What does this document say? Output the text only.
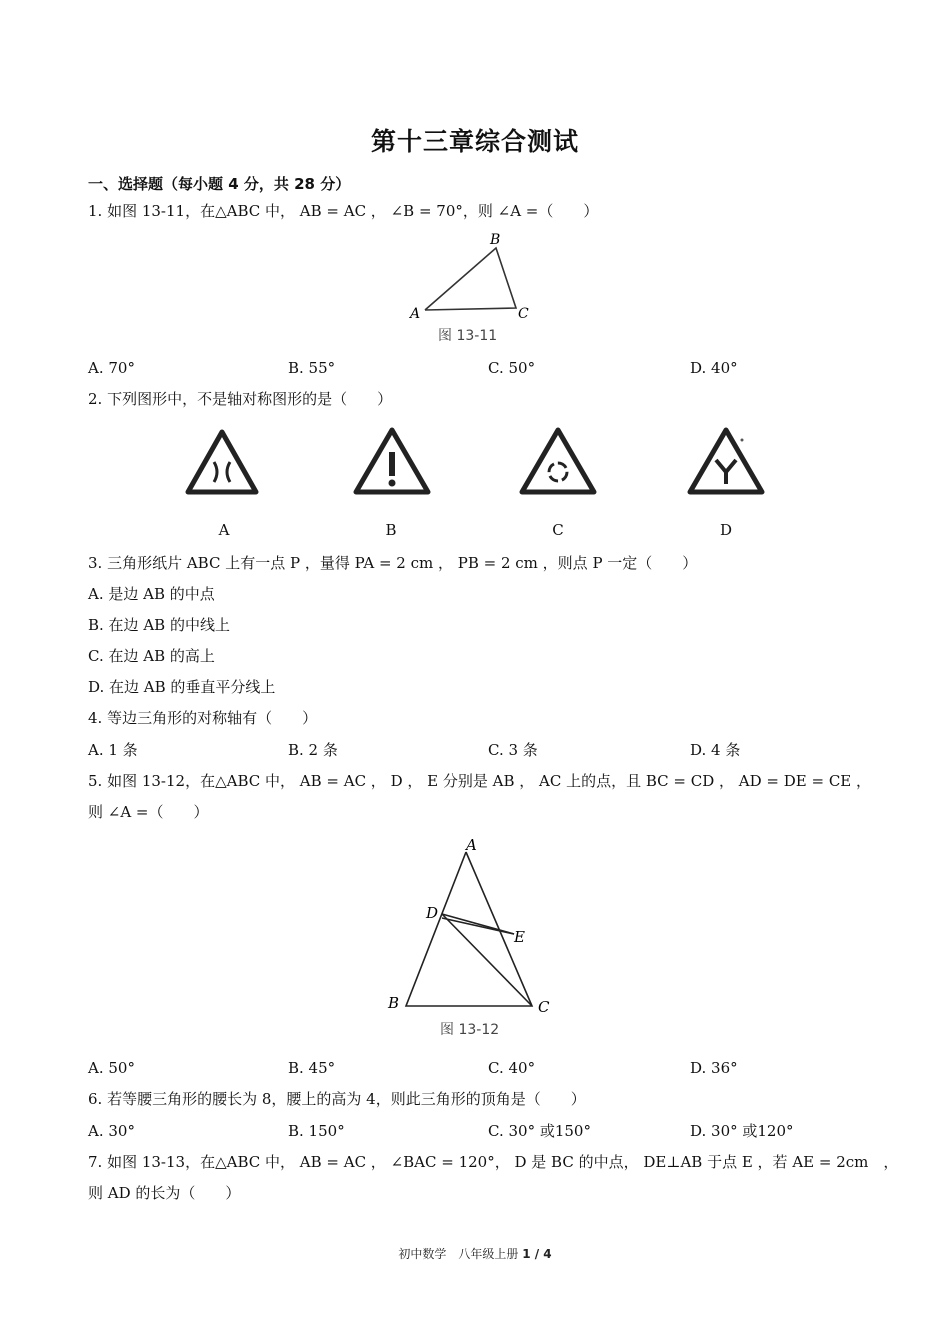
第十三章综合测试
一、选择题（每小题 4 分，共 28 分）
1. 如图 13-11，在△ABC 中， AB = AC ， ∠B = 70°，则 ∠A =（　　）
A
B
C
图 13-11
A. 70°	B. 55°	C. 50°	D. 40°
2. 下列图形中，不是轴对称图形的是（　　）
A	B	C	D
3. 三角形纸片 ABC 上有一点 P ，量得 PA = 2 cm ， PB = 2 cm ，则点 P 一定（　　）
A. 是边 AB 的中点
B. 在边 AB 的中线上
C. 在边 AB 的高上
D. 在边 AB 的垂直平分线上
4. 等边三角形的对称轴有（　　）
A. 1 条	B. 2 条	C. 3 条	D. 4 条
5. 如图 13-12，在△ABC 中， AB = AC ， D ， E 分别是 AB ， AC 上的点，且 BC = CD ， AD = DE = CE ，
则 ∠A =（　　）
A
B	C
D
E
图 13-12
A. 50°	B. 45°	C. 40°	D. 36°
6. 若等腰三角形的腰长为 8，腰上的高为 4，则此三角形的顶角是（　　）
A. 30°	B. 150°	C. 30° 或150°	D. 30° 或120°
7. 如图 13-13，在△ABC 中， AB = AC ， ∠BAC = 120°， D 是 BC 的中点， DE⊥AB 于点 E ，若 AE = 2cm　，
则 AD 的长为（　　）
初中数学　八年级上册 1 / 4
